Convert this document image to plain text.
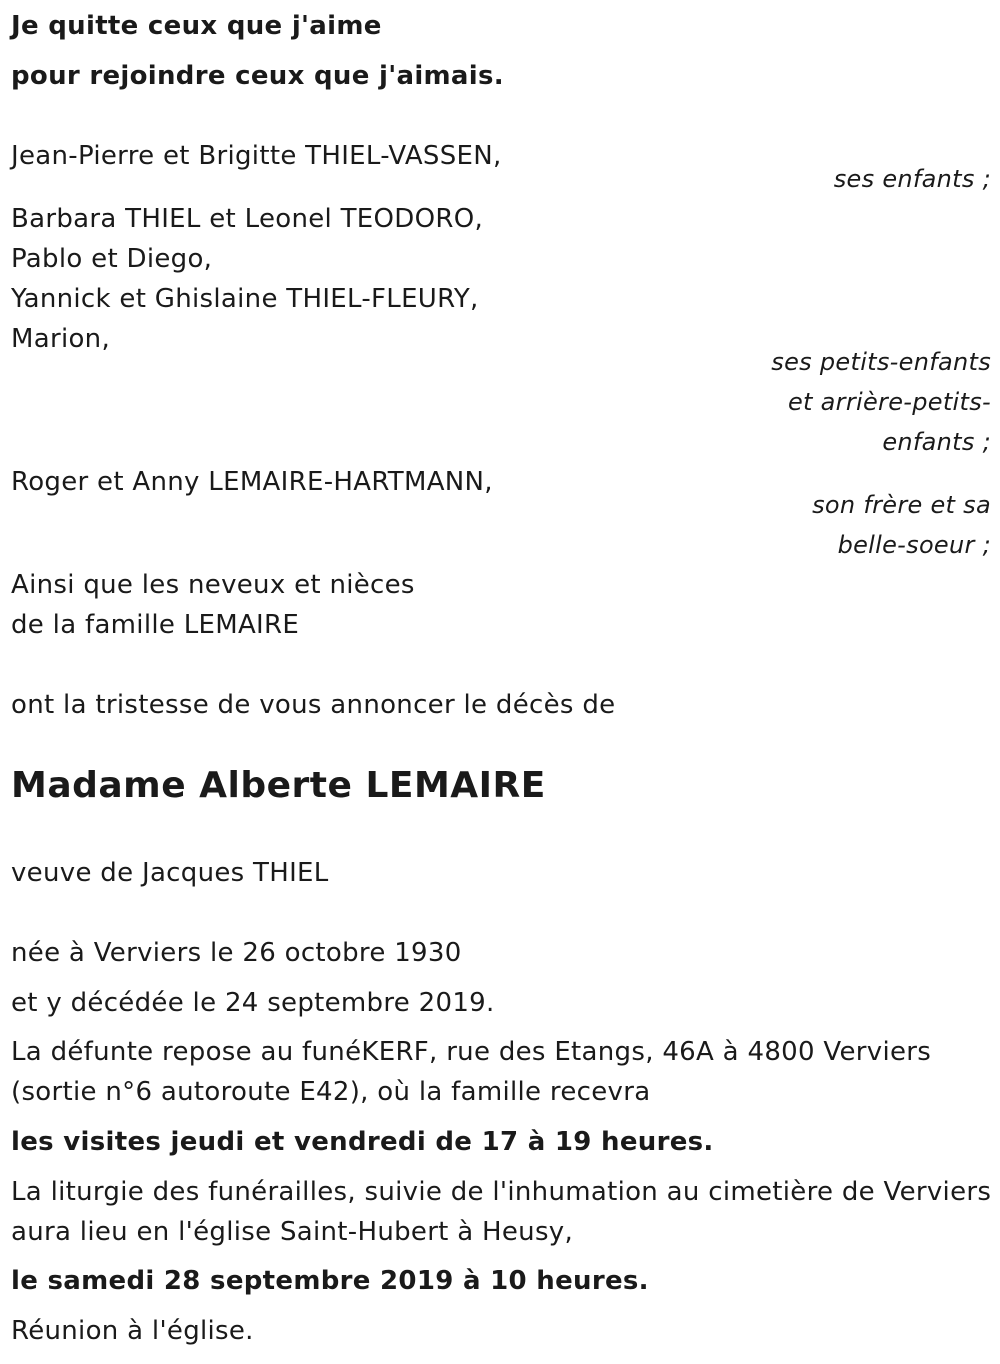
Je quitte ceux que j'aime

pour rejoindre ceux que j'aimais.

Jean-Pierre et Brigitte THIEL-VASSEN,

ses enfants ;

Barbara THIEL et Leonel TEODORO,

Pablo et Diego,

Yannick et Ghislaine THIEL-FLEURY,

Marion,

ses petits-enfants

et arrière-petits-

enfants ;

Roger et Anny LEMAIRE-HARTMANN,

son frère et sa

belle-soeur ;

Ainsi que les neveux et nièces

de la famille LEMAIRE

ont la tristesse de vous annoncer le décès de

Madame Alberte LEMAIRE

veuve de Jacques THIEL

née à Verviers le 26 octobre 1930

et y décédée le 24 septembre 2019.

La défunte repose au funéKERF, rue des Etangs, 46A à 4800 Verviers

(sortie n°6 autoroute E42), où la famille recevra

les visites jeudi et vendredi de 17 à 19 heures.

La liturgie des funérailles, suivie de l'inhumation au cimetière de Verviers

aura lieu en l'église Saint-Hubert à Heusy,

le samedi 28 septembre 2019 à 10 heures.

Réunion à l'église.
